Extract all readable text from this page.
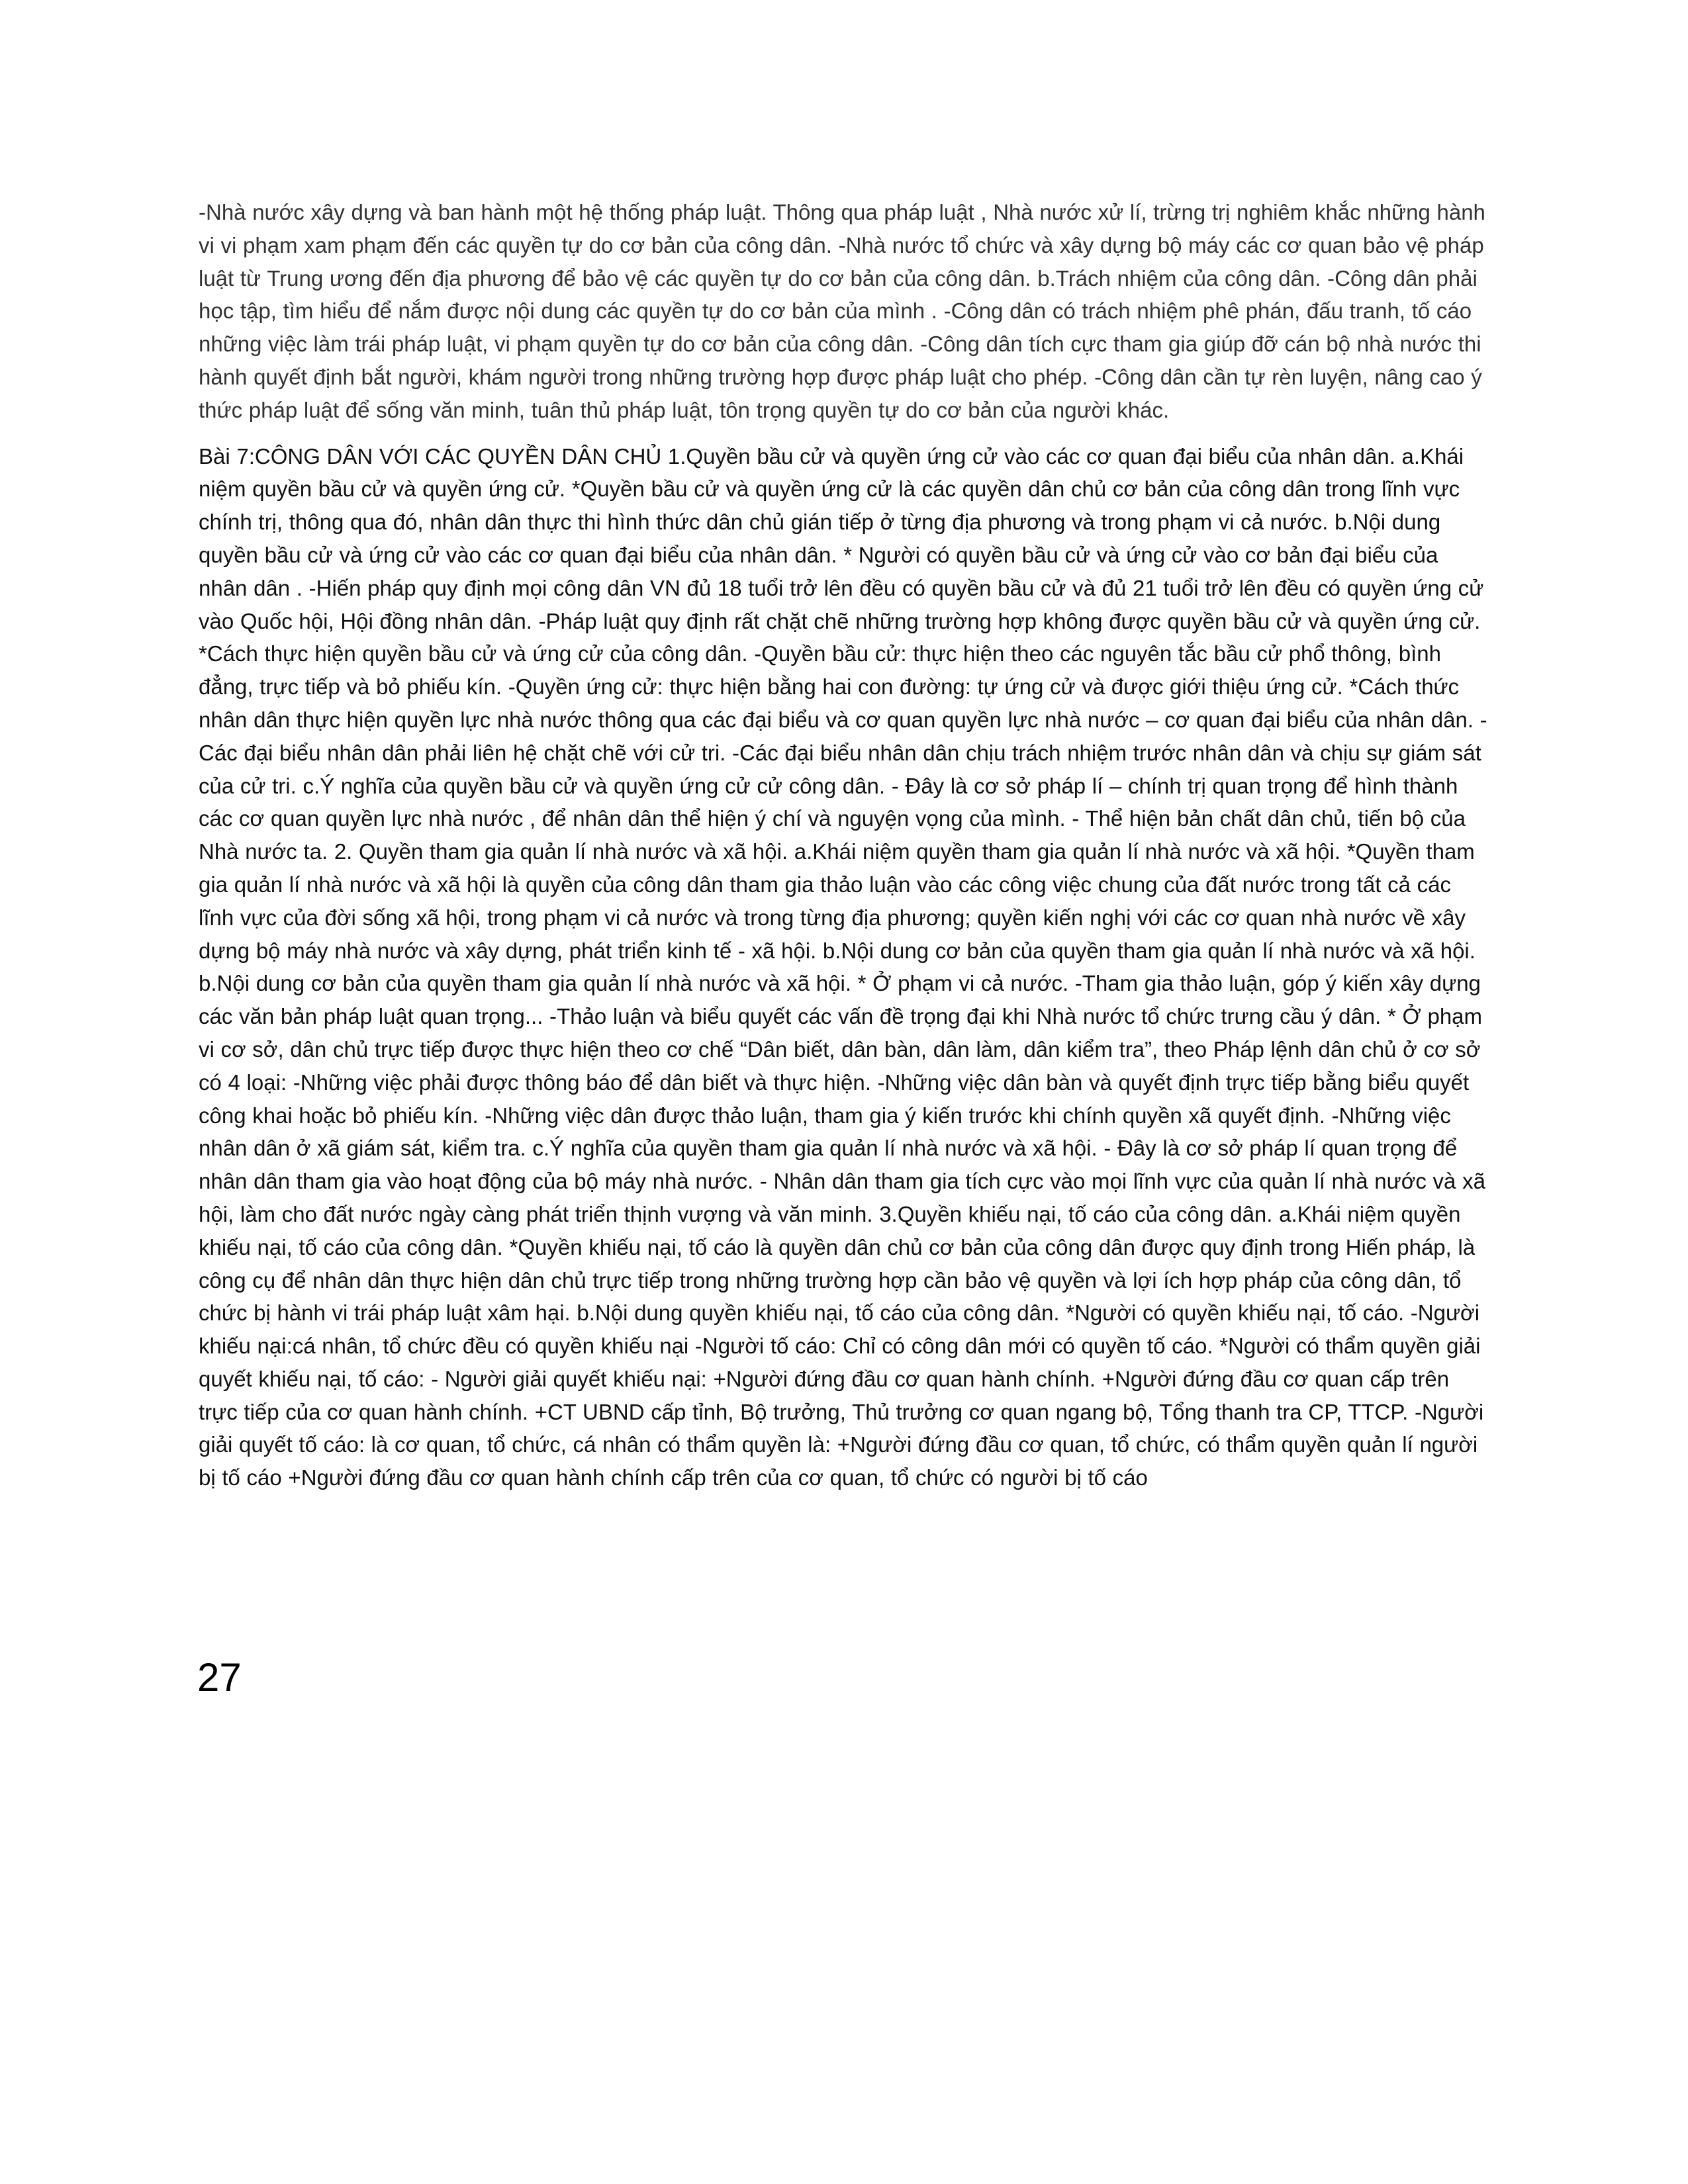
-Nhà nước xây dựng và ban hành một hệ thống pháp luật. Thông qua pháp luật , Nhà nước xử lí, trừng trị nghiêm khắc những hành vi vi phạm xam phạm đến các quyền tự do cơ bản của công dân. -Nhà nước tổ chức và xây dựng bộ máy các cơ quan bảo vệ pháp luật từ Trung ương đến địa phương để bảo vệ các quyền tự do cơ bản của công dân. b.Trách nhiệm của công dân. -Công dân phải học tập, tìm hiểu để nắm được nội dung các quyền tự do cơ bản của mình . -Công dân có trách nhiệm phê phán, đấu tranh, tố cáo những việc làm trái pháp luật, vi phạm quyền tự do cơ bản của công dân. -Công dân tích cực tham gia giúp đỡ cán bộ nhà nước thi hành quyết định bắt người, khám người trong những trường hợp được pháp luật cho phép. -Công dân cần tự rèn luyện, nâng cao ý thức pháp luật để sống văn minh, tuân thủ pháp luật, tôn trọng quyền tự do cơ bản của người khác.

Bài 7:CÔNG DÂN VỚI CÁC QUYỀN DÂN CHỦ 1.Quyền bầu cử và quyền ứng cử vào các cơ quan đại biểu của nhân dân. a.Khái niệm quyền bầu cử và quyền ứng cử. *Quyền bầu cử và quyền ứng cử là các quyền dân chủ cơ bản của công dân trong lĩnh vực chính trị, thông qua đó, nhân dân thực thi hình thức dân chủ gián tiếp ở từng địa phương và trong phạm vi cả nước. b.Nội dung quyền bầu cử và ứng cử vào các cơ quan đại biểu của nhân dân. * Người có quyền bầu cử và ứng cử vào cơ bản đại biểu của nhân dân . -Hiến pháp quy định mọi công dân VN đủ 18 tuổi trở lên đều có quyền bầu cử và đủ 21 tuổi trở lên đều có quyền ứng cử vào Quốc hội, Hội đồng nhân dân. -Pháp luật quy định rất chặt chẽ những trường hợp không được quyền bầu cử và quyền ứng cử. *Cách thực hiện quyền bầu cử và ứng cử của công dân. -Quyền bầu cử: thực hiện theo các nguyên tắc bầu cử phổ thông, bình đẳng, trực tiếp và bỏ phiếu kín. -Quyền ứng cử: thực hiện bằng hai con đường: tự ứng cử và được giới thiệu ứng cử. *Cách thức nhân dân thực hiện quyền lực nhà nước thông qua các đại biểu và cơ quan quyền lực nhà nước – cơ quan đại biểu của nhân dân. -Các đại biểu nhân dân phải liên hệ chặt chẽ với cử tri. -Các đại biểu nhân dân chịu trách nhiệm trước nhân dân và chịu sự giám sát của cử tri. c.Ý nghĩa của quyền bầu cử và quyền ứng cử cử công dân. - Đây là cơ sở pháp lí – chính trị quan trọng để hình thành các cơ quan quyền lực nhà nước , để nhân dân thể hiện ý chí và nguyện vọng của mình. - Thể hiện bản chất dân chủ, tiến bộ của Nhà nước ta. 2. Quyền tham gia quản lí nhà nước và xã hội. a.Khái niệm quyền tham gia quản lí nhà nước và xã hội. *Quyền tham gia quản lí nhà nước và xã hội là quyền của công dân tham gia thảo luận vào các công việc chung của đất nước trong tất cả các lĩnh vực của đời sống xã hội, trong phạm vi cả nước và trong từng địa phương; quyền kiến nghị với các cơ quan nhà nước về xây dựng bộ máy nhà nước và xây dựng, phát triển kinh tế - xã hội. b.Nội dung cơ bản của quyền tham gia quản lí nhà nước và xã hội. b.Nội dung cơ bản của quyền tham gia quản lí nhà nước và xã hội. * Ở phạm vi cả nước. -Tham gia thảo luận, góp ý kiến xây dựng các văn bản pháp luật quan trọng... -Thảo luận và biểu quyết các vấn đề trọng đại khi Nhà nước tổ chức trưng cầu ý dân. * Ở phạm vi cơ sở, dân chủ trực tiếp được thực hiện theo cơ chế “Dân biết, dân bàn, dân làm, dân kiểm tra”, theo Pháp lệnh dân chủ ở cơ sở có 4 loại: -Những việc phải được thông báo để dân biết và thực hiện. -Những việc dân bàn và quyết định trực tiếp bằng biểu quyết công khai hoặc bỏ phiếu kín. -Những việc dân được thảo luận, tham gia ý kiến trước khi chính quyền xã quyết định. -Những việc nhân dân ở xã giám sát, kiểm tra. c.Ý nghĩa của quyền tham gia quản lí nhà nước và xã hội. - Đây là cơ sở pháp lí quan trọng để nhân dân tham gia vào hoạt động của bộ máy nhà nước. - Nhân dân tham gia tích cực vào mọi lĩnh vực của quản lí nhà nước và xã hội, làm cho đất nước ngày càng phát triển thịnh vượng và văn minh. 3.Quyền khiếu nại, tố cáo của công dân. a.Khái niệm quyền khiếu nại, tố cáo của công dân. *Quyền khiếu nại, tố cáo là quyền dân chủ cơ bản của công dân được quy định trong Hiến pháp, là công cụ để nhân dân thực hiện dân chủ trực tiếp trong những trường hợp cần bảo vệ quyền và lợi ích hợp pháp của công dân, tổ chức bị hành vi trái pháp luật xâm hại. b.Nội dung quyền khiếu nại, tố cáo của công dân. *Người có quyền khiếu nại, tố cáo. -Người khiếu nại:cá nhân, tổ chức đều có quyền khiếu nại -Người tố cáo: Chỉ có công dân mới có quyền tố cáo. *Người có thẩm quyền giải quyết khiếu nại, tố cáo: - Người giải quyết khiếu nại: +Người đứng đầu cơ quan hành chính. +Người đứng đầu cơ quan cấp trên trực tiếp của cơ quan hành chính. +CT UBND cấp tỉnh, Bộ trưởng, Thủ trưởng cơ quan ngang bộ, Tổng thanh tra CP, TTCP. -Người giải quyết tố cáo: là cơ quan, tổ chức, cá nhân có thẩm quyền là: +Người đứng đầu cơ quan, tổ chức, có thẩm quyền quản lí người bị tố cáo +Người đứng đầu cơ quan hành chính cấp trên của cơ quan, tổ chức có người bị tố cáo

27
